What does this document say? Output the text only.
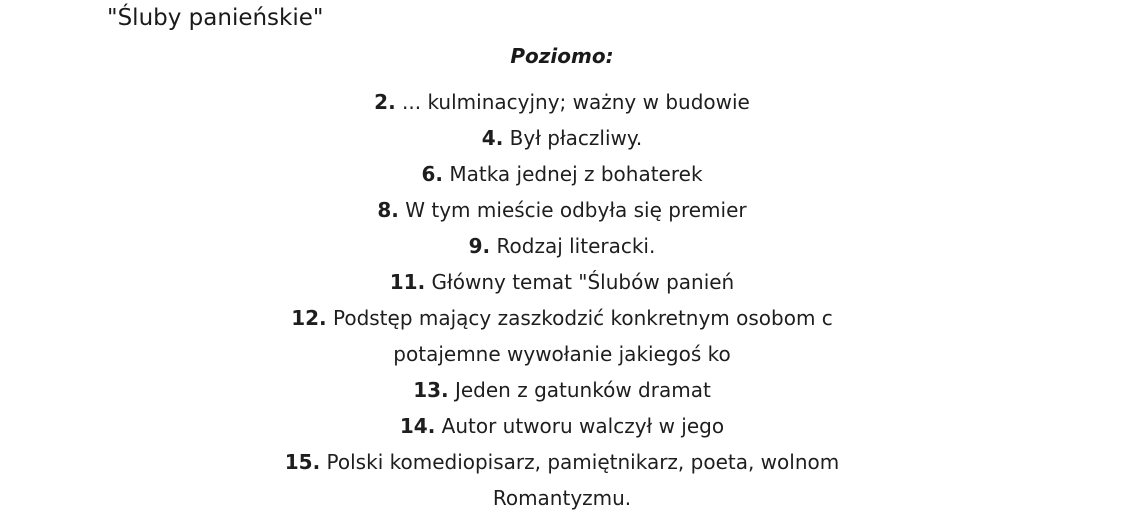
"Śluby panieńskie"
Poziomo:
2. ... kulminacyjny; ważny w budowie
4. Był płaczliwy.
6. Matka jednej z bohaterek
8. W tym mieście odbyła się premier
9. Rodzaj literacki.
11. Główny temat "Ślubów panień
12. Podstęp mający zaszkodzić konkretnym osobom c
potajemne wywołanie jakiegoś ko
13. Jeden z gatunków dramat
14. Autor utworu walczył w jego
15. Polski komediopisarz, pamiętnikarz, poeta, wolnom
Romantyzmu.
